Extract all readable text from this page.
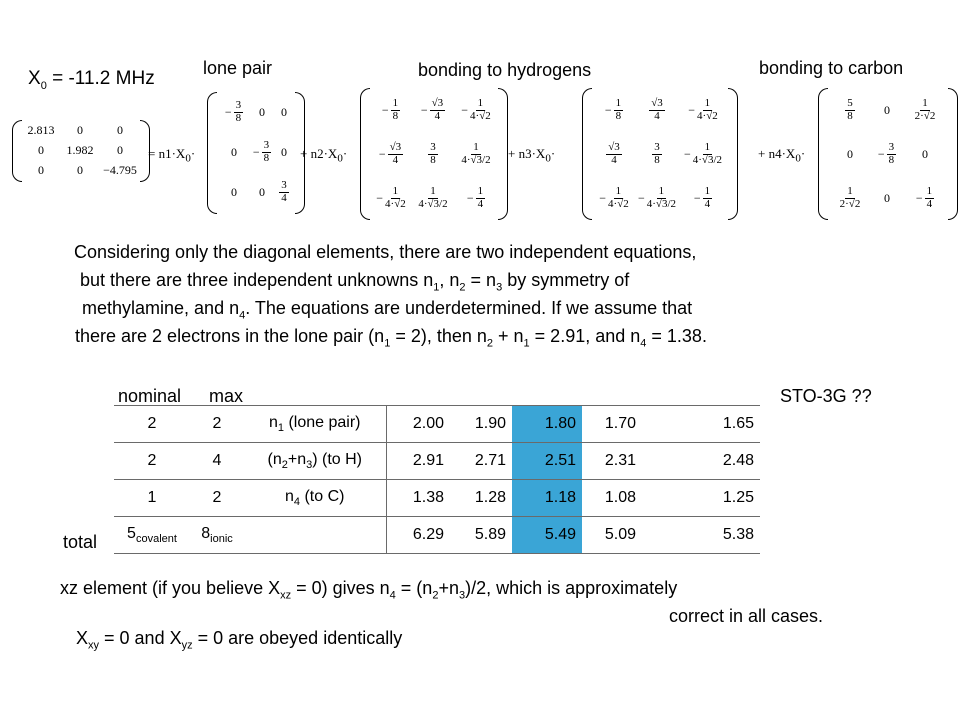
$X_0 = -11.2$ MHz	lone pair	bonding to hydrogens	bonding to carbon
2.813 0	0
0 1.982 0
0	0 −4.795
= $n1\cdot X_0\cdot$
− $\frac{3}{8} 0$ 0
$0 - \frac{3}{8} 0$
0 $0 \frac{3}{4}$
+ $n2\cdot X_0\cdot$
− $\frac{1}{8} - \frac{√3}{4} - \frac{1}{4\cdot√2}$
− $\frac{√3}{4} \frac{3}{8} \frac{1}{4\cdot√3/2}$
− $\frac{1}{4\cdot√2} \frac{1}{4\cdot√3/2} - \frac{1}{4}$
+ $n3\cdot X_0\cdot$
− $\frac{1}{8} \frac{√3}{4} - \frac{1}{4\cdot√2}$
$\frac{√3}{4}$	$\frac{3}{8} - \frac{1}{4\cdot√3/2}$
− $\frac{1}{4\cdot√2} - \frac{1}{4\cdot√3/2} - \frac{1}{4}$
+ $n4\cdot X_0\cdot$
$\frac{5}{8} 0 \frac{1}{2\cdot√2}$
$0 - \frac{3}{8} 0$
$\frac{1}{2\cdot√2} 0 - \frac{1}{4}$
Considering only the diagonal elements, there are two independent equations,
but there are three independent unknowns $n_1$, $n_2 = n_3$ by symmetry of
methylamine, and $n_4$. The equations are underdetermined. If we assume that
there are 2 electrons in the lone pair $(n_1 = 2)$, then $n_2 + n_1 = 2.91$, and $n_4 = 1.38$.
nominal max	STO-3G ??
total
2	2	$n_1$ (lone pair)	2.00	1.90	1.80	1.70		1.65
2	4	$(n_2+n_3)$ (to H)	2.91	2.71	2.51	2.31		2.48
1	2	$n_4$ (to C)	1.38	1.28	1.18	1.08		1.25
$5_{covalent}$	$8_{ionic}$		6.29	5.89	5.49	5.09		5.38
xz element (if you believe $X_{xz} = 0$) gives $n_4 = (n_2+n_3)/2$, which is approximately
correct in all cases.
$X_{xy} = 0$ and $X_{yz} = 0$ are obeyed identically
